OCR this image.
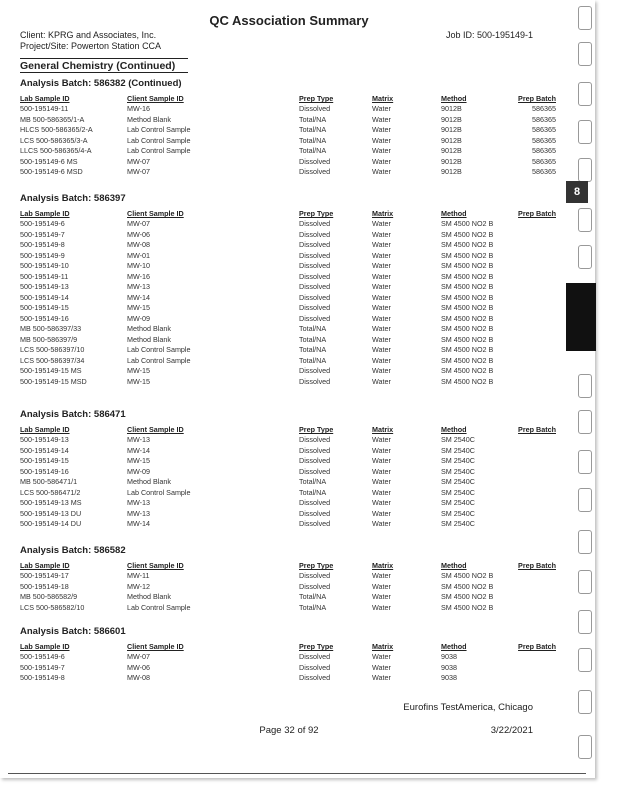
QC Association Summary
Client: KPRG and Associates, Inc.	Job ID: 500-195149-1
Project/Site: Powerton Station CCA
General Chemistry (Continued)
Analysis Batch: 586382 (Continued)
Lab Sample ID	Client Sample ID	Prep Type	Matrix	Method	Prep Batch
500-195149-11	MW-16	Dissolved	Water	9012B	586365
MB 500-586365/1-A	Method Blank	Total/NA	Water	9012B	586365
HLCS 500-586365/2-A	Lab Control Sample	Total/NA	Water	9012B	586365
LCS 500-586365/3-A	Lab Control Sample	Total/NA	Water	9012B	586365
LLCS 500-586365/4-A	Lab Control Sample	Total/NA	Water	9012B	586365
500-195149-6 MS	MW-07	Dissolved	Water	9012B	586365
500-195149-6 MSD	MW-07	Dissolved	Water	9012B	586365
Analysis Batch: 586397
Lab Sample ID	Client Sample ID	Prep Type	Matrix	Method	Prep Batch
500-195149-6	MW-07	Dissolved	Water	SM 4500 NO2 B
500-195149-7	MW-06	Dissolved	Water	SM 4500 NO2 B
500-195149-8	MW-08	Dissolved	Water	SM 4500 NO2 B
500-195149-9	MW-01	Dissolved	Water	SM 4500 NO2 B
500-195149-10	MW-10	Dissolved	Water	SM 4500 NO2 B
500-195149-11	MW-16	Dissolved	Water	SM 4500 NO2 B
500-195149-13	MW-13	Dissolved	Water	SM 4500 NO2 B
500-195149-14	MW-14	Dissolved	Water	SM 4500 NO2 B
500-195149-15	MW-15	Dissolved	Water	SM 4500 NO2 B
500-195149-16	MW-09	Dissolved	Water	SM 4500 NO2 B
MB 500-586397/33	Method Blank	Total/NA	Water	SM 4500 NO2 B
MB 500-586397/9	Method Blank	Total/NA	Water	SM 4500 NO2 B
LCS 500-586397/10	Lab Control Sample	Total/NA	Water	SM 4500 NO2 B
LCS 500-586397/34	Lab Control Sample	Total/NA	Water	SM 4500 NO2 B
500-195149-15 MS	MW-15	Dissolved	Water	SM 4500 NO2 B
500-195149-15 MSD	MW-15	Dissolved	Water	SM 4500 NO2 B
Analysis Batch: 586471
Lab Sample ID	Client Sample ID	Prep Type	Matrix	Method	Prep Batch
500-195149-13	MW-13	Dissolved	Water	SM 2540C
500-195149-14	MW-14	Dissolved	Water	SM 2540C
500-195149-15	MW-15	Dissolved	Water	SM 2540C
500-195149-16	MW-09	Dissolved	Water	SM 2540C
MB 500-586471/1	Method Blank	Total/NA	Water	SM 2540C
LCS 500-586471/2	Lab Control Sample	Total/NA	Water	SM 2540C
500-195149-13 MS	MW-13	Dissolved	Water	SM 2540C
500-195149-13 DU	MW-13	Dissolved	Water	SM 2540C
500-195149-14 DU	MW-14	Dissolved	Water	SM 2540C
Analysis Batch: 586582
Lab Sample ID	Client Sample ID	Prep Type	Matrix	Method	Prep Batch
500-195149-17	MW-11	Dissolved	Water	SM 4500 NO2 B
500-195149-18	MW-12	Dissolved	Water	SM 4500 NO2 B
MB 500-586582/9	Method Blank	Total/NA	Water	SM 4500 NO2 B
LCS 500-586582/10	Lab Control Sample	Total/NA	Water	SM 4500 NO2 B
Analysis Batch: 586601
Lab Sample ID	Client Sample ID	Prep Type	Matrix	Method	Prep Batch
500-195149-6	MW-07	Dissolved	Water	9038
500-195149-7	MW-06	Dissolved	Water	9038
500-195149-8	MW-08	Dissolved	Water	9038
Eurofins TestAmerica, Chicago
Page 32 of 92	3/22/2021
8
